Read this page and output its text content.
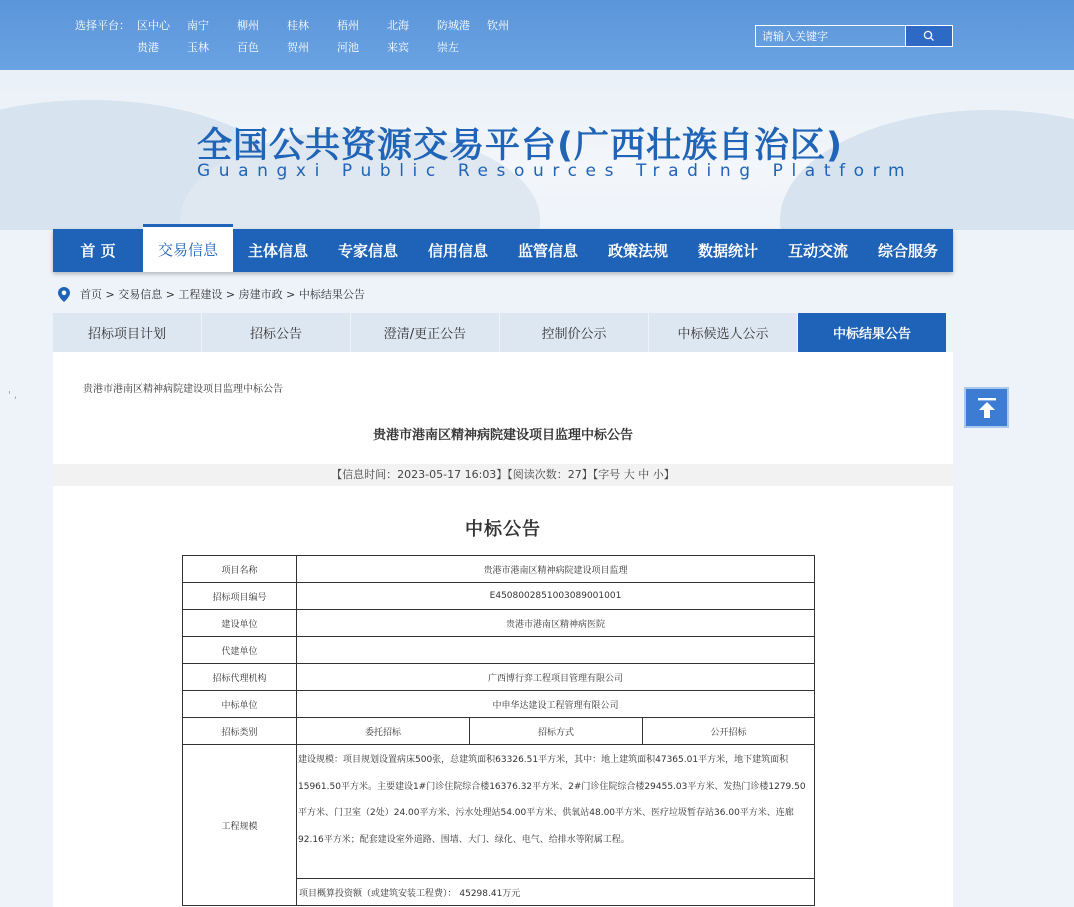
选择平台： 区中心	南宁	柳州	桂林	梧州	北海	防城港	钦州
贵港	玉林	百色	贺州	河池	来宾	崇左
请输入关键字
全国公共资源交易平台(广西壮族自治区)
Guangxi Public Resources Trading Platform
首 页	交易信息	主体信息	专家信息	信用信息	监管信息	政策法规	数据统计	互动交流	综合服务
首页 > 交易信息 > 工程建设 > 房建市政 > 中标结果公告
招标项目计划	招标公告	澄清/更正公告	控制价公示	中标候选人公示	中标结果公告
贵港市港南区精神病院建设项目监理中标公告
贵港市港南区精神病院建设项目监理中标公告
【信息时间：2023-05-17 16:03】【阅读次数：27】【字号 大 中 小】
中标公告
项目名称	贵港市港南区精神病院建设项目监理		
招标项目编号	E4508002851003089001001		
建设单位	贵港市港南区精神病医院		
代建单位			
招标代理机构	广西博行弈工程项目管理有限公司		
中标单位	中申华达建设工程管理有限公司		
招标类别	委托招标	招标方式	公开招标
工程规模	建设规模：项目规划设置病床500张，总建筑面积63326.51平方米，其中：地上建筑面积47365.01平方米，地下建筑面积15961.50平方米。主要建设1#门诊住院综合楼16376.32平方米、2#门诊住院综合楼29455.03平方米、发热门诊楼1279.50平方米、门卫室（2处）24.00平方米、污水处理站54.00平方米、供氧站48.00平方米、医疗垃圾暂存站36.00平方米、连廊92.16平方米；配套建设室外道路、围墙、大门、绿化、电气、给排水等附属工程。		
	项目概算投资额（或建筑安装工程费）： 45298.41万元		
' ,
